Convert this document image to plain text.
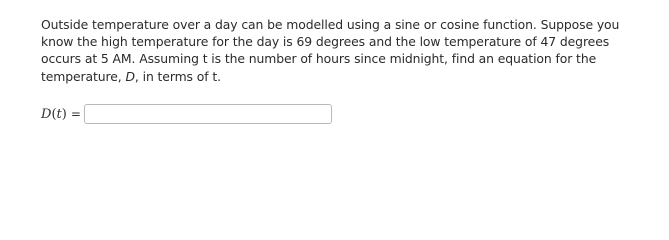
Outside temperature over a day can be modelled using a sine or cosine function. Suppose you know the high temperature for the day is 69 degrees and the low temperature of 47 degrees occurs at 5 AM. Assuming t is the number of hours since midnight, find an equation for the temperature, D, in terms of t.

D(t) =
